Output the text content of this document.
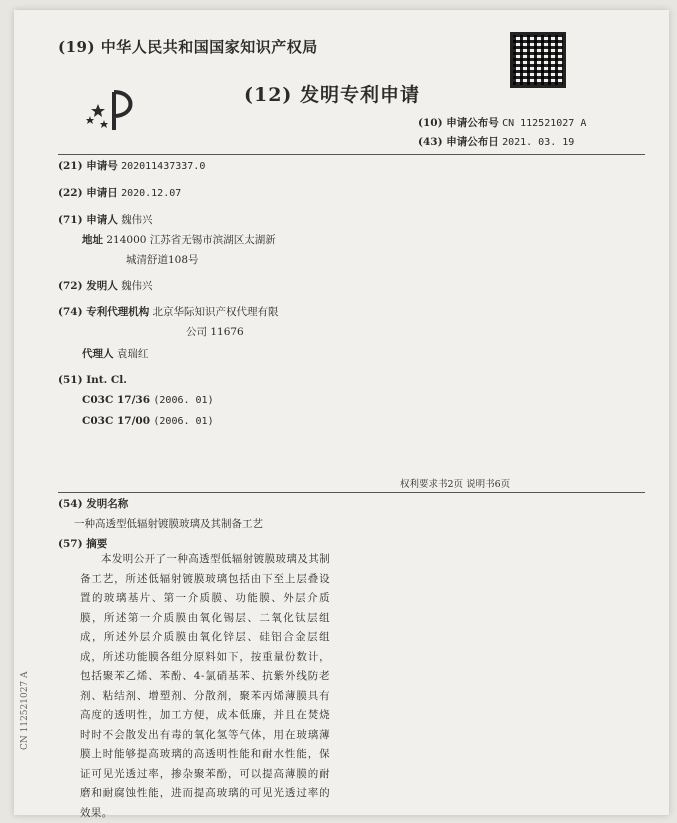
(19) 中华人民共和国国家知识产权局
(12) 发明专利申请
(10) 申请公布号 CN 112521027 A
(43) 申请公布日 2021. 03. 19
(21) 申请号 202011437337.0
(22) 申请日 2020.12.07
(71) 申请人 魏伟兴
地址 214000 江苏省无锡市滨湖区太湖新
城清舒道108号
(72) 发明人 魏伟兴
(74) 专利代理机构 北京华际知识产权代理有限
公司 11676
代理人 袁瑞红
(51) Int. Cl.
C03C 17/36 (2006. 01)
C03C 17/00 (2006. 01)
权利要求书2页 说明书6页
(54) 发明名称
一种高透型低辐射镀膜玻璃及其制备工艺
(57) 摘要
本发明公开了一种高透型低辐射镀膜玻璃及其制备工艺，所述低辐射镀膜玻璃包括由下至上层叠设置的玻璃基片、第一介质膜、功能膜、外层介质膜，所述第一介质膜由氧化锡层、二氧化钛层组成，所述外层介质膜由氧化锌层、硅铝合金层组成，所述功能膜各组分原料如下，按重量份数计，包括聚苯乙烯、苯酚、4-氯硝基苯、抗紫外线防老剂、粘结剂、增塑剂、分散剂，聚苯丙烯薄膜具有高度的透明性，加工方便，成本低廉，并且在焚烧时时不会散发出有毒的氧化氢等气体，用在玻璃薄膜上时能够提高玻璃的高透明性能和耐水性能，保证可见光透过率，掺杂聚苯酚，可以提高薄膜的耐磨和耐腐蚀性能，进而提高玻璃的可见光透过率的效果。
CN 112521027 A
